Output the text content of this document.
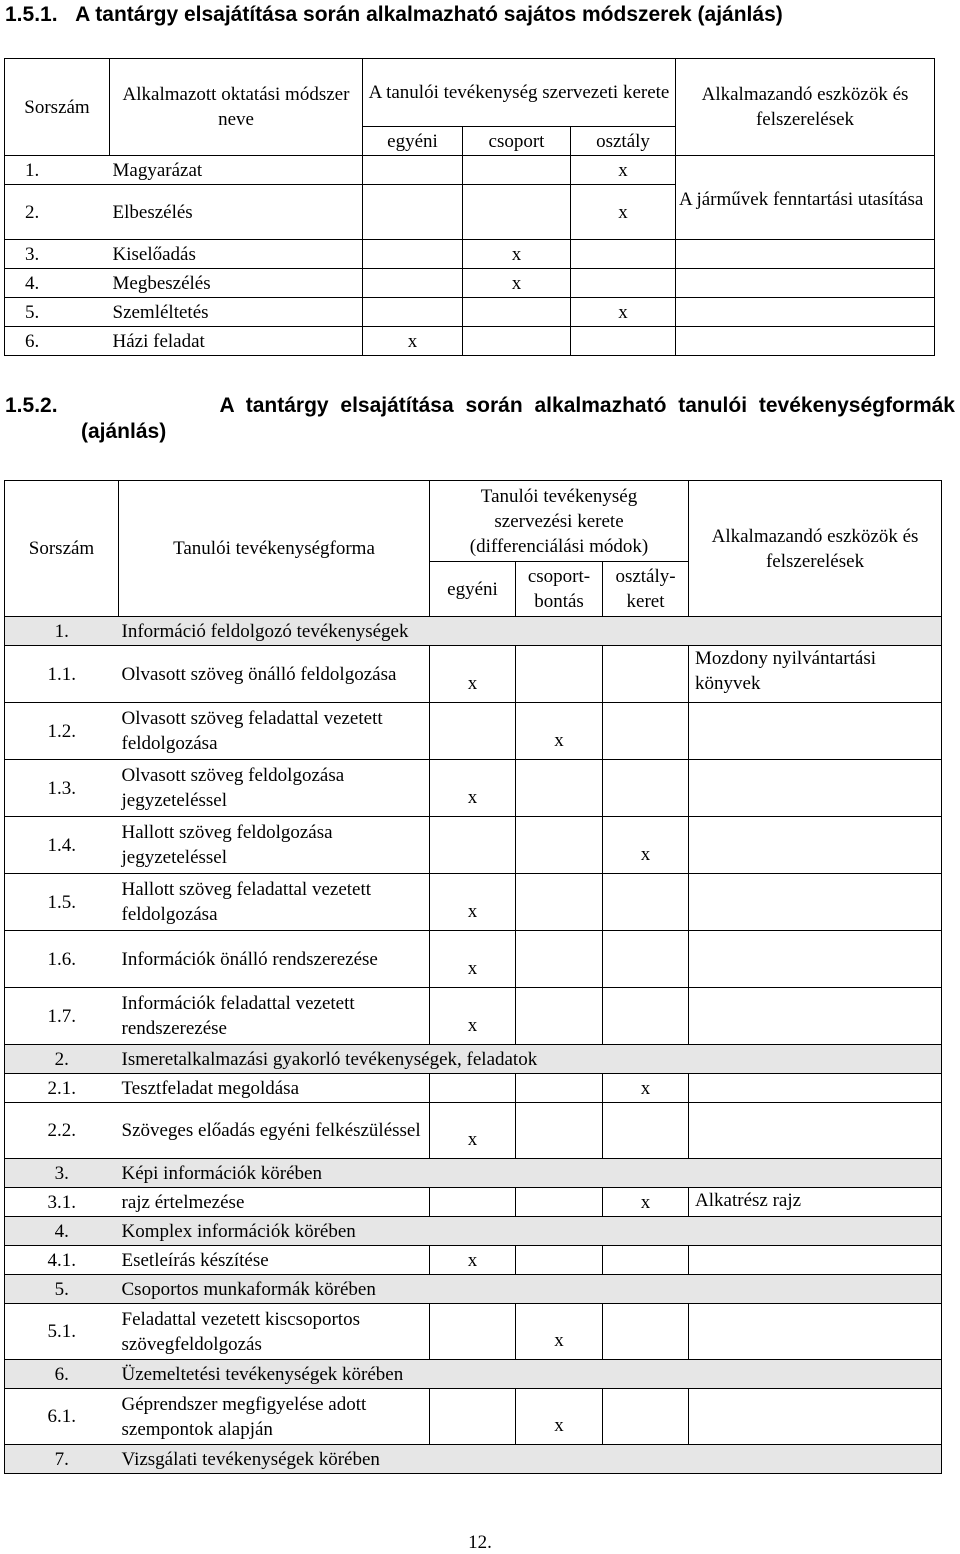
1.5.1. A tantárgy elsajátítása során alkalmazható sajátos módszerek (ajánlás)
Sorszám	Alkalmazott oktatási módszer neve	A tanulói tevékenység szervezeti kerete			Alkalmazandó eszközök és felszerelések
		egyéni	csoport	osztály	
1.	Magyarázat			x	
2.	Elbeszélés			x	A járművek fenntartási utasítása
3.	Kiselőadás		x		
4.	Megbeszélés		x		
5.	Szemléltetés			x	
6.	Házi feladat	x			
1.5.2.	A tantárgy elsajátítása során alkalmazható tanulói tevékenységformák
(ajánlás)
Sorszám	Tanulói tevékenységforma	Tanulói tevékenység szervezési kerete (differenciálási módok)			Alkalmazandó eszközök és felszerelések
		egyéni	csoport-bontás	osztály-keret	
1.	Információ feldolgozó tevékenységek				
1.1.	Olvasott szöveg önálló feldolgozása	x			Mozdony nyilvántartási könyvek
1.2.	Olvasott szöveg feladattal vezetett feldolgozása		x		
1.3.	Olvasott szöveg feldolgozása jegyzeteléssel	x			
1.4.	Hallott szöveg feldolgozása jegyzeteléssel			x	
1.5.	Hallott szöveg feladattal vezetett feldolgozása	x			
1.6.	Információk önálló rendszerezése	x			
1.7.	Információk feladattal vezetett rendszerezése	x			
2.	Ismeretalkalmazási gyakorló tevékenységek, feladatok				
2.1.	Tesztfeladat megoldása			x	
2.2.	Szöveges előadás egyéni felkészüléssel	x			
3.	Képi információk körében				
3.1.	rajz értelmezése			x	Alkatrész rajz
4.	Komplex információk körében				
4.1.	Esetleírás készítése	x			
5.	Csoportos munkaformák körében				
5.1.	Feladattal vezetett kiscsoportos szövegfeldolgozás		x		
6.	Üzemeltetési tevékenységek körében				
6.1.	Géprendszer megfigyelése adott szempontok alapján		x		
7.	Vizsgálati tevékenységek körében				
12.
